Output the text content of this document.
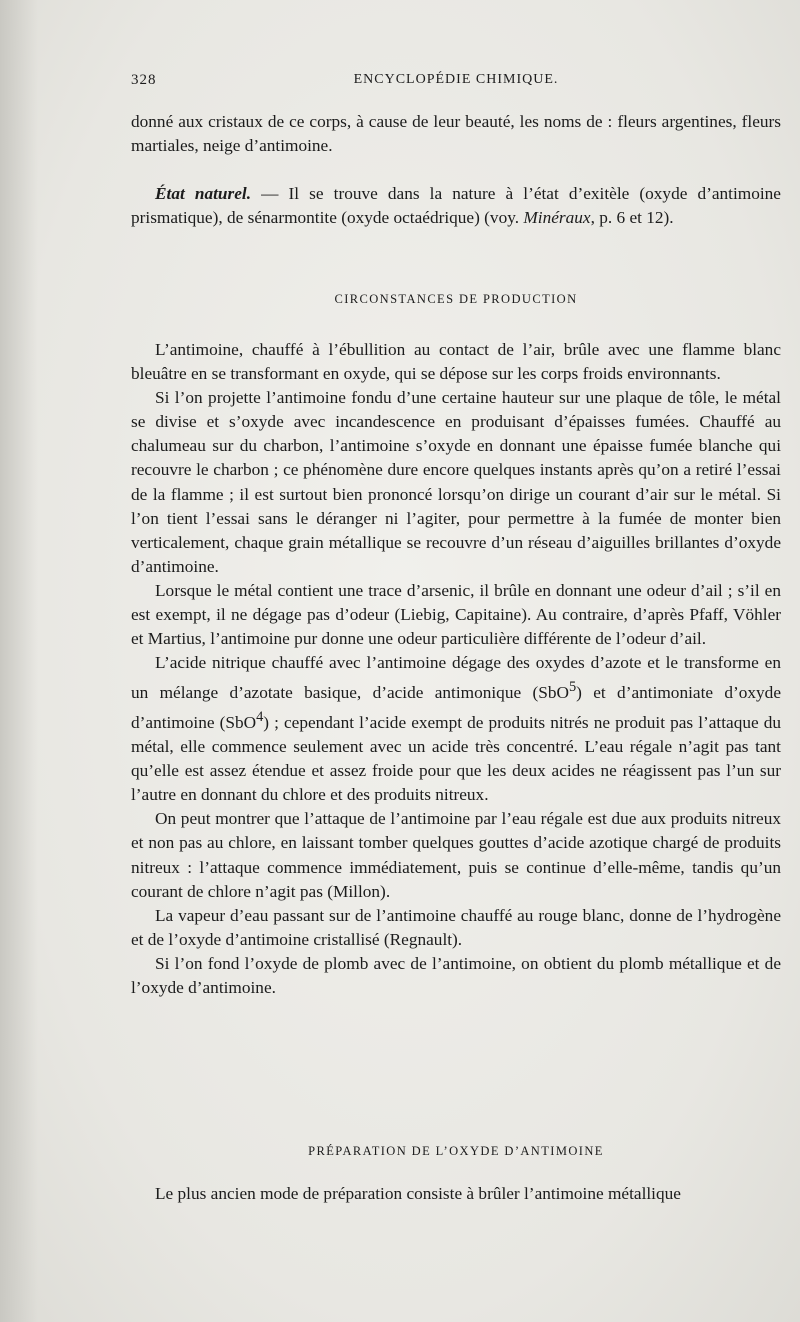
328	ENCYCLOPÉDIE CHIMIQUE.

donné aux cristaux de ce corps, à cause de leur beauté, les noms de : fleurs argentines, fleurs martiales, neige d’antimoine.

État naturel. — Il se trouve dans la nature à l’état d’exitèle (oxyde d’antimoine prismatique), de sénarmontite (oxyde octaédrique) (voy. Minéraux, p. 6 et 12).

CIRCONSTANCES DE PRODUCTION

L’antimoine, chauffé à l’ébullition au contact de l’air, brûle avec une flamme blanc bleuâtre en se transformant en oxyde, qui se dépose sur les corps froids environnants.

Si l’on projette l’antimoine fondu d’une certaine hauteur sur une plaque de tôle, le métal se divise et s’oxyde avec incandescence en produisant d’épaisses fumées. Chauffé au chalumeau sur du charbon, l’antimoine s’oxyde en donnant une épaisse fumée blanche qui recouvre le charbon ; ce phénomène dure encore quelques instants après qu’on a retiré l’essai de la flamme ; il est surtout bien prononcé lorsqu’on dirige un courant d’air sur le métal. Si l’on tient l’essai sans le déranger ni l’agiter, pour permettre à la fumée de monter bien verticalement, chaque grain métallique se recouvre d’un réseau d’aiguilles brillantes d’oxyde d’antimoine.

Lorsque le métal contient une trace d’arsenic, il brûle en donnant une odeur d’ail ; s’il en est exempt, il ne dégage pas d’odeur (Liebig, Capitaine). Au contraire, d’après Pfaff, Vöhler et Martius, l’antimoine pur donne une odeur particulière différente de l’odeur d’ail.

L’acide nitrique chauffé avec l’antimoine dégage des oxydes d’azote et le transforme en un mélange d’azotate basique, d’acide antimonique (SbO$^5$) et d’antimoniate d’oxyde d’antimoine (SbO$^4$) ; cependant l’acide exempt de produits nitrés ne produit pas l’attaque du métal, elle commence seulement avec un acide très concentré. L’eau régale n’agit pas tant qu’elle est assez étendue et assez froide pour que les deux acides ne réagissent pas l’un sur l’autre en donnant du chlore et des produits nitreux.

On peut montrer que l’attaque de l’antimoine par l’eau régale est due aux produits nitreux et non pas au chlore, en laissant tomber quelques gouttes d’acide azotique chargé de produits nitreux : l’attaque commence immédiatement, puis se continue d’elle-même, tandis qu’un courant de chlore n’agit pas (Millon).

La vapeur d’eau passant sur de l’antimoine chauffé au rouge blanc, donne de l’hydrogène et de l’oxyde d’antimoine cristallisé (Regnault).

Si l’on fond l’oxyde de plomb avec de l’antimoine, on obtient du plomb métallique et de l’oxyde d’antimoine.

PRÉPARATION DE L’OXYDE D’ANTIMOINE

Le plus ancien mode de préparation consiste à brûler l’antimoine métallique
